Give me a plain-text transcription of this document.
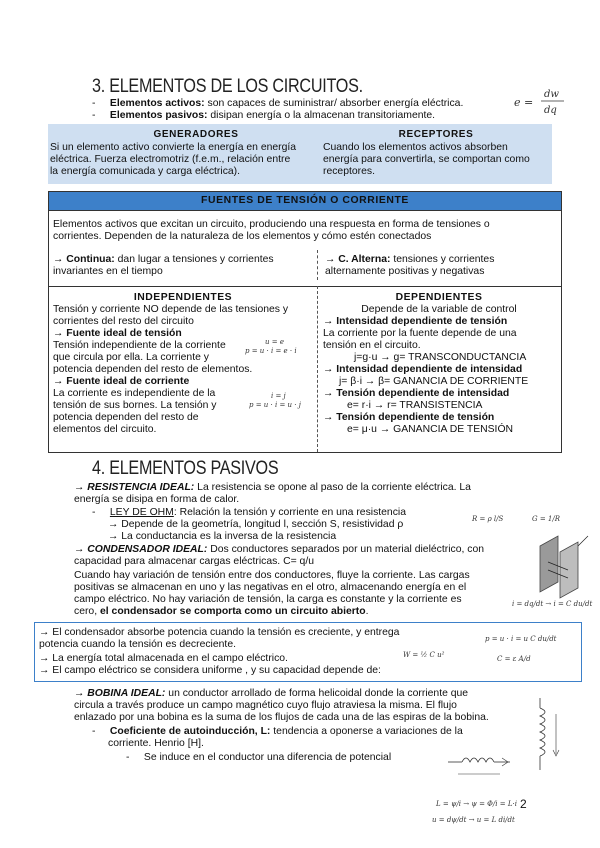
3. ELEMENTOS DE LOS CIRCUITOS.
-     Elementos activos: son capaces de suministrar/ absorber energía eléctrica.
-     Elementos pasivos: disipan energía o la almacenan transitoriamente.
e =
dw
dq
GENERADORES
Si un elemento activo convierte la energía en energía
eléctrica. Fuerza electromotriz (f.e.m., relación entre
la energía comunicada y carga eléctrica).
RECEPTORES
Cuando los elementos activos absorben
energía para convertirla, se comportan como
receptores.
FUENTES DE TENSIÓN O CORRIENTE
Elementos activos que excitan un circuito, produciendo una respuesta en forma de tensiones o
corrientes. Dependen de la naturaleza de los elementos y cómo estén conectados
→ Continua: dan lugar a tensiones y corrientes
invariantes en el tiempo
→ C. Alterna: tensiones y corrientes
alternamente positivas y negativas
INDEPENDIENTES
Tensión y corriente NO depende de las tensiones y
corrientes del resto del circuito
→ Fuente ideal de tensión
Tensión independiente de la corriente
que circula por ella. La corriente y
potencia dependen del resto de elementos.
→ Fuente ideal de corriente
La corriente es independiente de la
tensión de sus bornes. La tensión y
potencia dependen del resto de
elementos del circuito.
u = e
p = u · i = e · i
i = j
p = u · i = u · j
DEPENDIENTES
Depende de la variable de control
→ Intensidad dependiente de tensión
La corriente por la fuente depende de una
tensión en el circuito.
j=g·u → g= TRANSCONDUCTANCIA
→ Intensidad dependiente de intensidad
j= β·i → β= GANANCIA DE CORRIENTE
→ Tensión dependiente de intensidad
e= r·i → r= TRANSISTENCIA
→ Tensión dependiente de tensión
e= μ·u → GANANCIA DE TENSIÓN
4. ELEMENTOS PASIVOS
→ RESISTENCIA IDEAL: La resistencia se opone al paso de la corriente eléctrica. La
energía se disipa en forma de calor.
-     LEY DE OHM: Relación la tensión y corriente en una resistencia
→ Depende de la geometría, longitud l, sección S, resistividad ρ
→ La conductancia es la inversa de la resistencia
R = ρ l/S	G = 1/R
→ CONDENSADOR IDEAL: Dos conductores separados por un material dieléctrico, con
capacidad para almacenar cargas eléctricas. C= q/u
Cuando hay variación de tensión entre dos conductores, fluye la corriente. Las cargas
positivas se almacenan en uno y las negativas en el otro, almacenando energía en el
campo eléctrico. No hay variación de tensión, la carga es constante y la corriente es
cero, el condensador se comporta como un circuito abierto.
i = dq/dt → i = C du/dt
→ El condensador absorbe potencia cuando la tensión es creciente, y entrega
potencia cuando la tensión es decreciente.
→ La energía total almacenada en el campo eléctrico.
→ El campo eléctrico se considera uniforme , y su capacidad depende de:
p = u · i = u C du/dt
W = ½ C u²	C = ε A/d
→ BOBINA IDEAL: un conductor arrollado de forma helicoidal donde la corriente que
circula a través produce un campo magnético cuyo flujo atraviesa la misma. El flujo
enlazado por una bobina es la suma de los flujos de cada una de las espiras de la bobina.
-     Coeficiente de autoinducción, L: tendencia a oponerse a variaciones de la
corriente. Henrio [H].
-     Se induce en el conductor una diferencia de potencial
L = ψ/i → ψ = Φ/i = L·i
u = dψ/dt → u = L di/dt
2
